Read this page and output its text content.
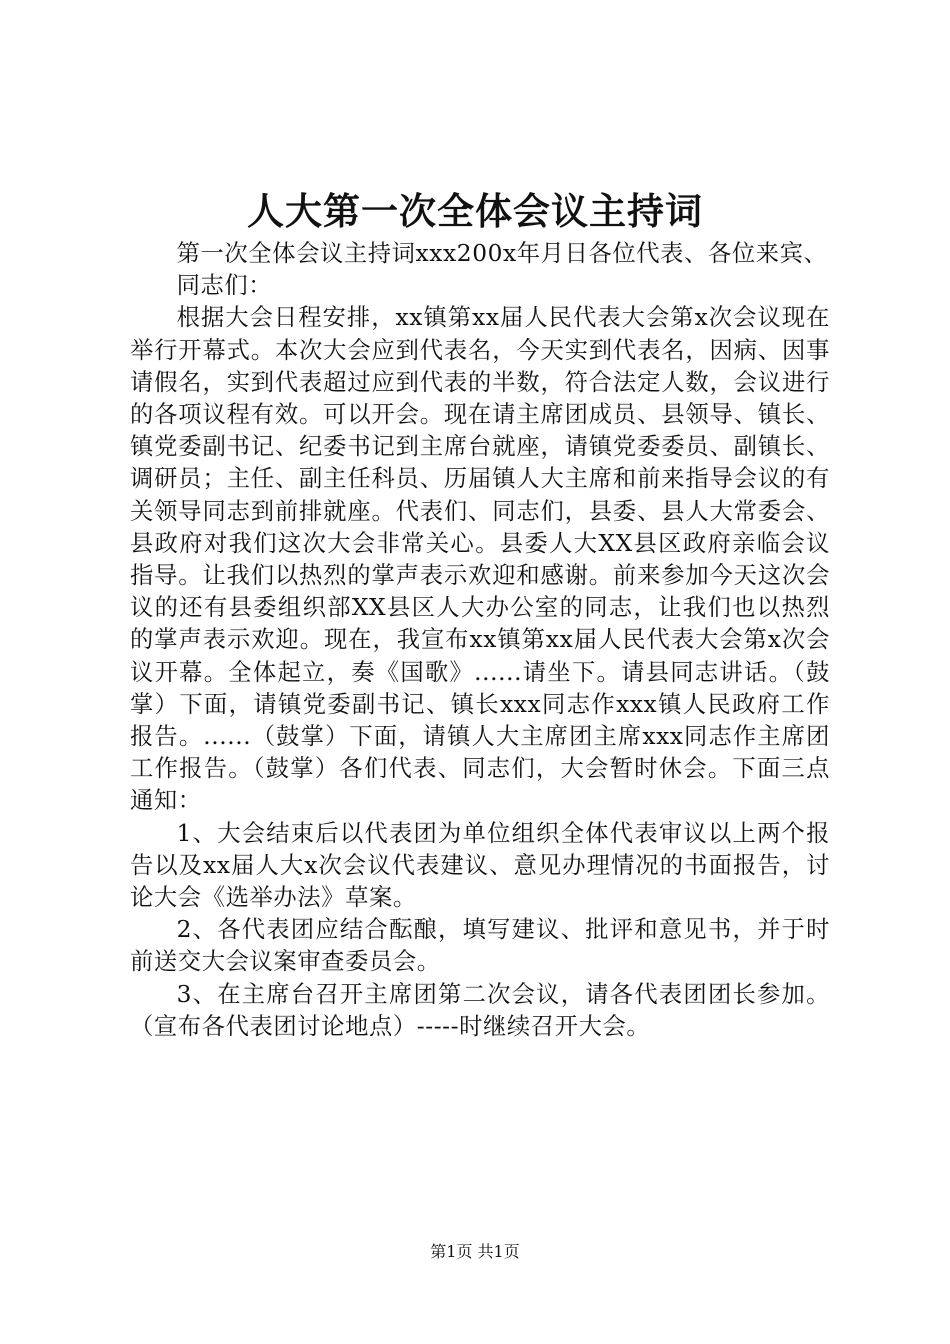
人大第一次全体会议主持词

第一次全体会议主持词xxx200x年月日各位代表、各位来宾、

同志们：

根据大会日程安排，xx镇第xx届人民代表大会第x次会议现在举行开幕式。本次大会应到代表名，今天实到代表名，因病、因事请假名，实到代表超过应到代表的半数，符合法定人数，会议进行的各项议程有效。可以开会。现在请主席团成员、县领导、镇长、镇党委副书记、纪委书记到主席台就座，请镇党委委员、副镇长、调研员；主任、副主任科员、历届镇人大主席和前来指导会议的有关领导同志到前排就座。代表们、同志们，县委、县人大常委会、县政府对我们这次大会非常关心。县委人大XX县区政府亲临会议指导。让我们以热烈的掌声表示欢迎和感谢。前来参加今天这次会议的还有县委组织部XX县区人大办公室的同志，让我们也以热烈的掌声表示欢迎。现在，我宣布xx镇第xx届人民代表大会第x次会议开幕。全体起立，奏《国歌》......请坐下。请县同志讲话。（鼓掌）下面，请镇党委副书记、镇长xxx同志作xxx镇人民政府工作报告。......（鼓掌）下面，请镇人大主席团主席xxx同志作主席团工作报告。（鼓掌）各们代表、同志们，大会暂时休会。下面三点通知：

1、大会结束后以代表团为单位组织全体代表审议以上两个报告以及xx届人大x次会议代表建议、意见办理情况的书面报告，讨论大会《选举办法》草案。

2、各代表团应结合酝酿，填写建议、批评和意见书，并于时前送交大会议案审查委员会。

3、在主席台召开主席团第二次会议，请各代表团团长参加。（宣布各代表团讨论地点）-----时继续召开大会。

第1页 共1页
